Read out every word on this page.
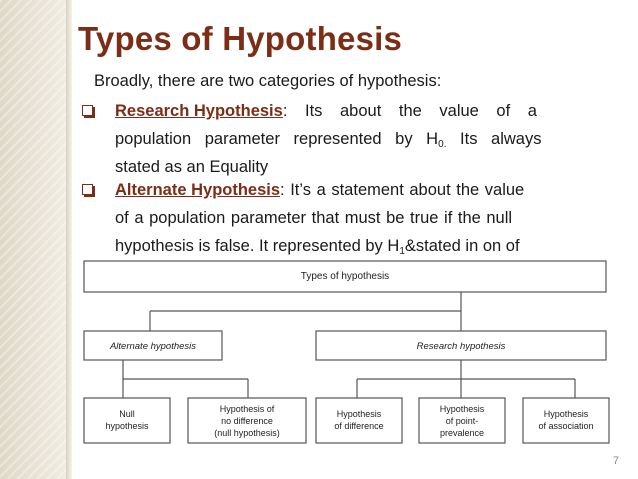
Types of Hypothesis
Broadly, there are two categories of hypothesis:
Research Hypothesis: Its about the value of a
population parameter represented by $H_{0.}$ Its always
stated as an Equality
Alternate Hypothesis: It’s a statement about the value
of a population parameter that must be true if the null
hypothesis is false. It represented by $H_1\&stated$ in on of
Types of hypothesis
Alternate hypothesis	Research hypothesis
Null
hypothesis
Hypothesis of
no difference
(null hypothesis)
Hypothesis
of difference
Hypothesis
of point-
prevalence
Hypothesis
of association
7
